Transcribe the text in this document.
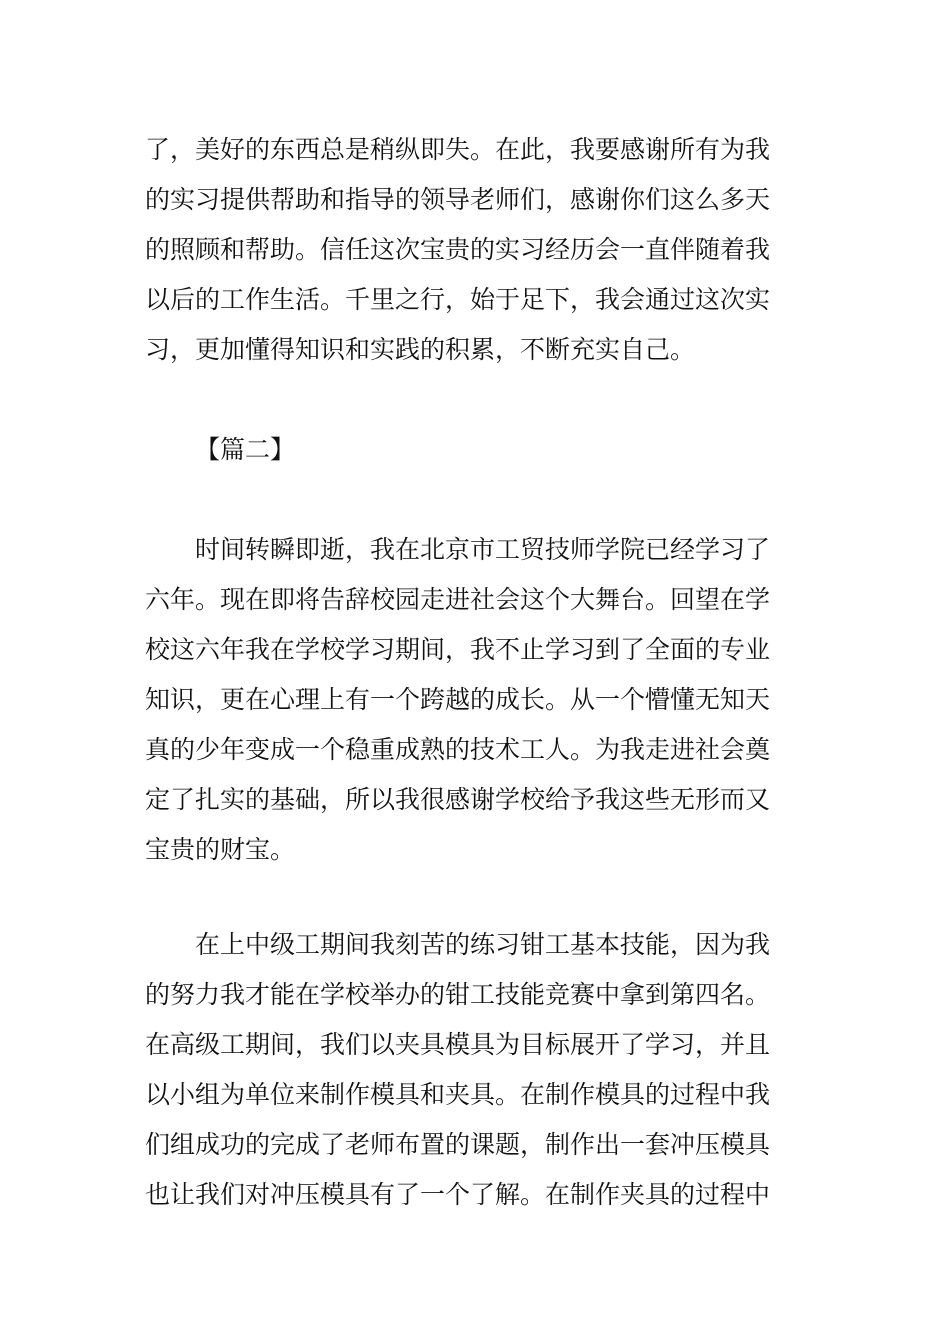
了，美好的东西总是稍纵即失。在此，我要感谢所有为我
的实习提供帮助和指导的领导老师们，感谢你们这么多天
的照顾和帮助。信任这次宝贵的实习经历会一直伴随着我
以后的工作生活。千里之行，始于足下，我会通过这次实
习，更加懂得知识和实践的积累，不断充实自己。
【篇二】
　　时间转瞬即逝，我在北京市工贸技师学院已经学习了
六年。现在即将告辞校园走进社会这个大舞台。回望在学
校这六年我在学校学习期间，我不止学习到了全面的专业
知识，更在心理上有一个跨越的成长。从一个懵懂无知天
真的少年变成一个稳重成熟的技术工人。为我走进社会奠
定了扎实的基础，所以我很感谢学校给予我这些无形而又
宝贵的财宝。
　　在上中级工期间我刻苦的练习钳工基本技能，因为我
的努力我才能在学校举办的钳工技能竞赛中拿到第四名。
在高级工期间，我们以夹具模具为目标展开了学习，并且
以小组为单位来制作模具和夹具。在制作模具的过程中我
们组成功的完成了老师布置的课题，制作出一套冲压模具
也让我们对冲压模具有了一个了解。在制作夹具的过程中
